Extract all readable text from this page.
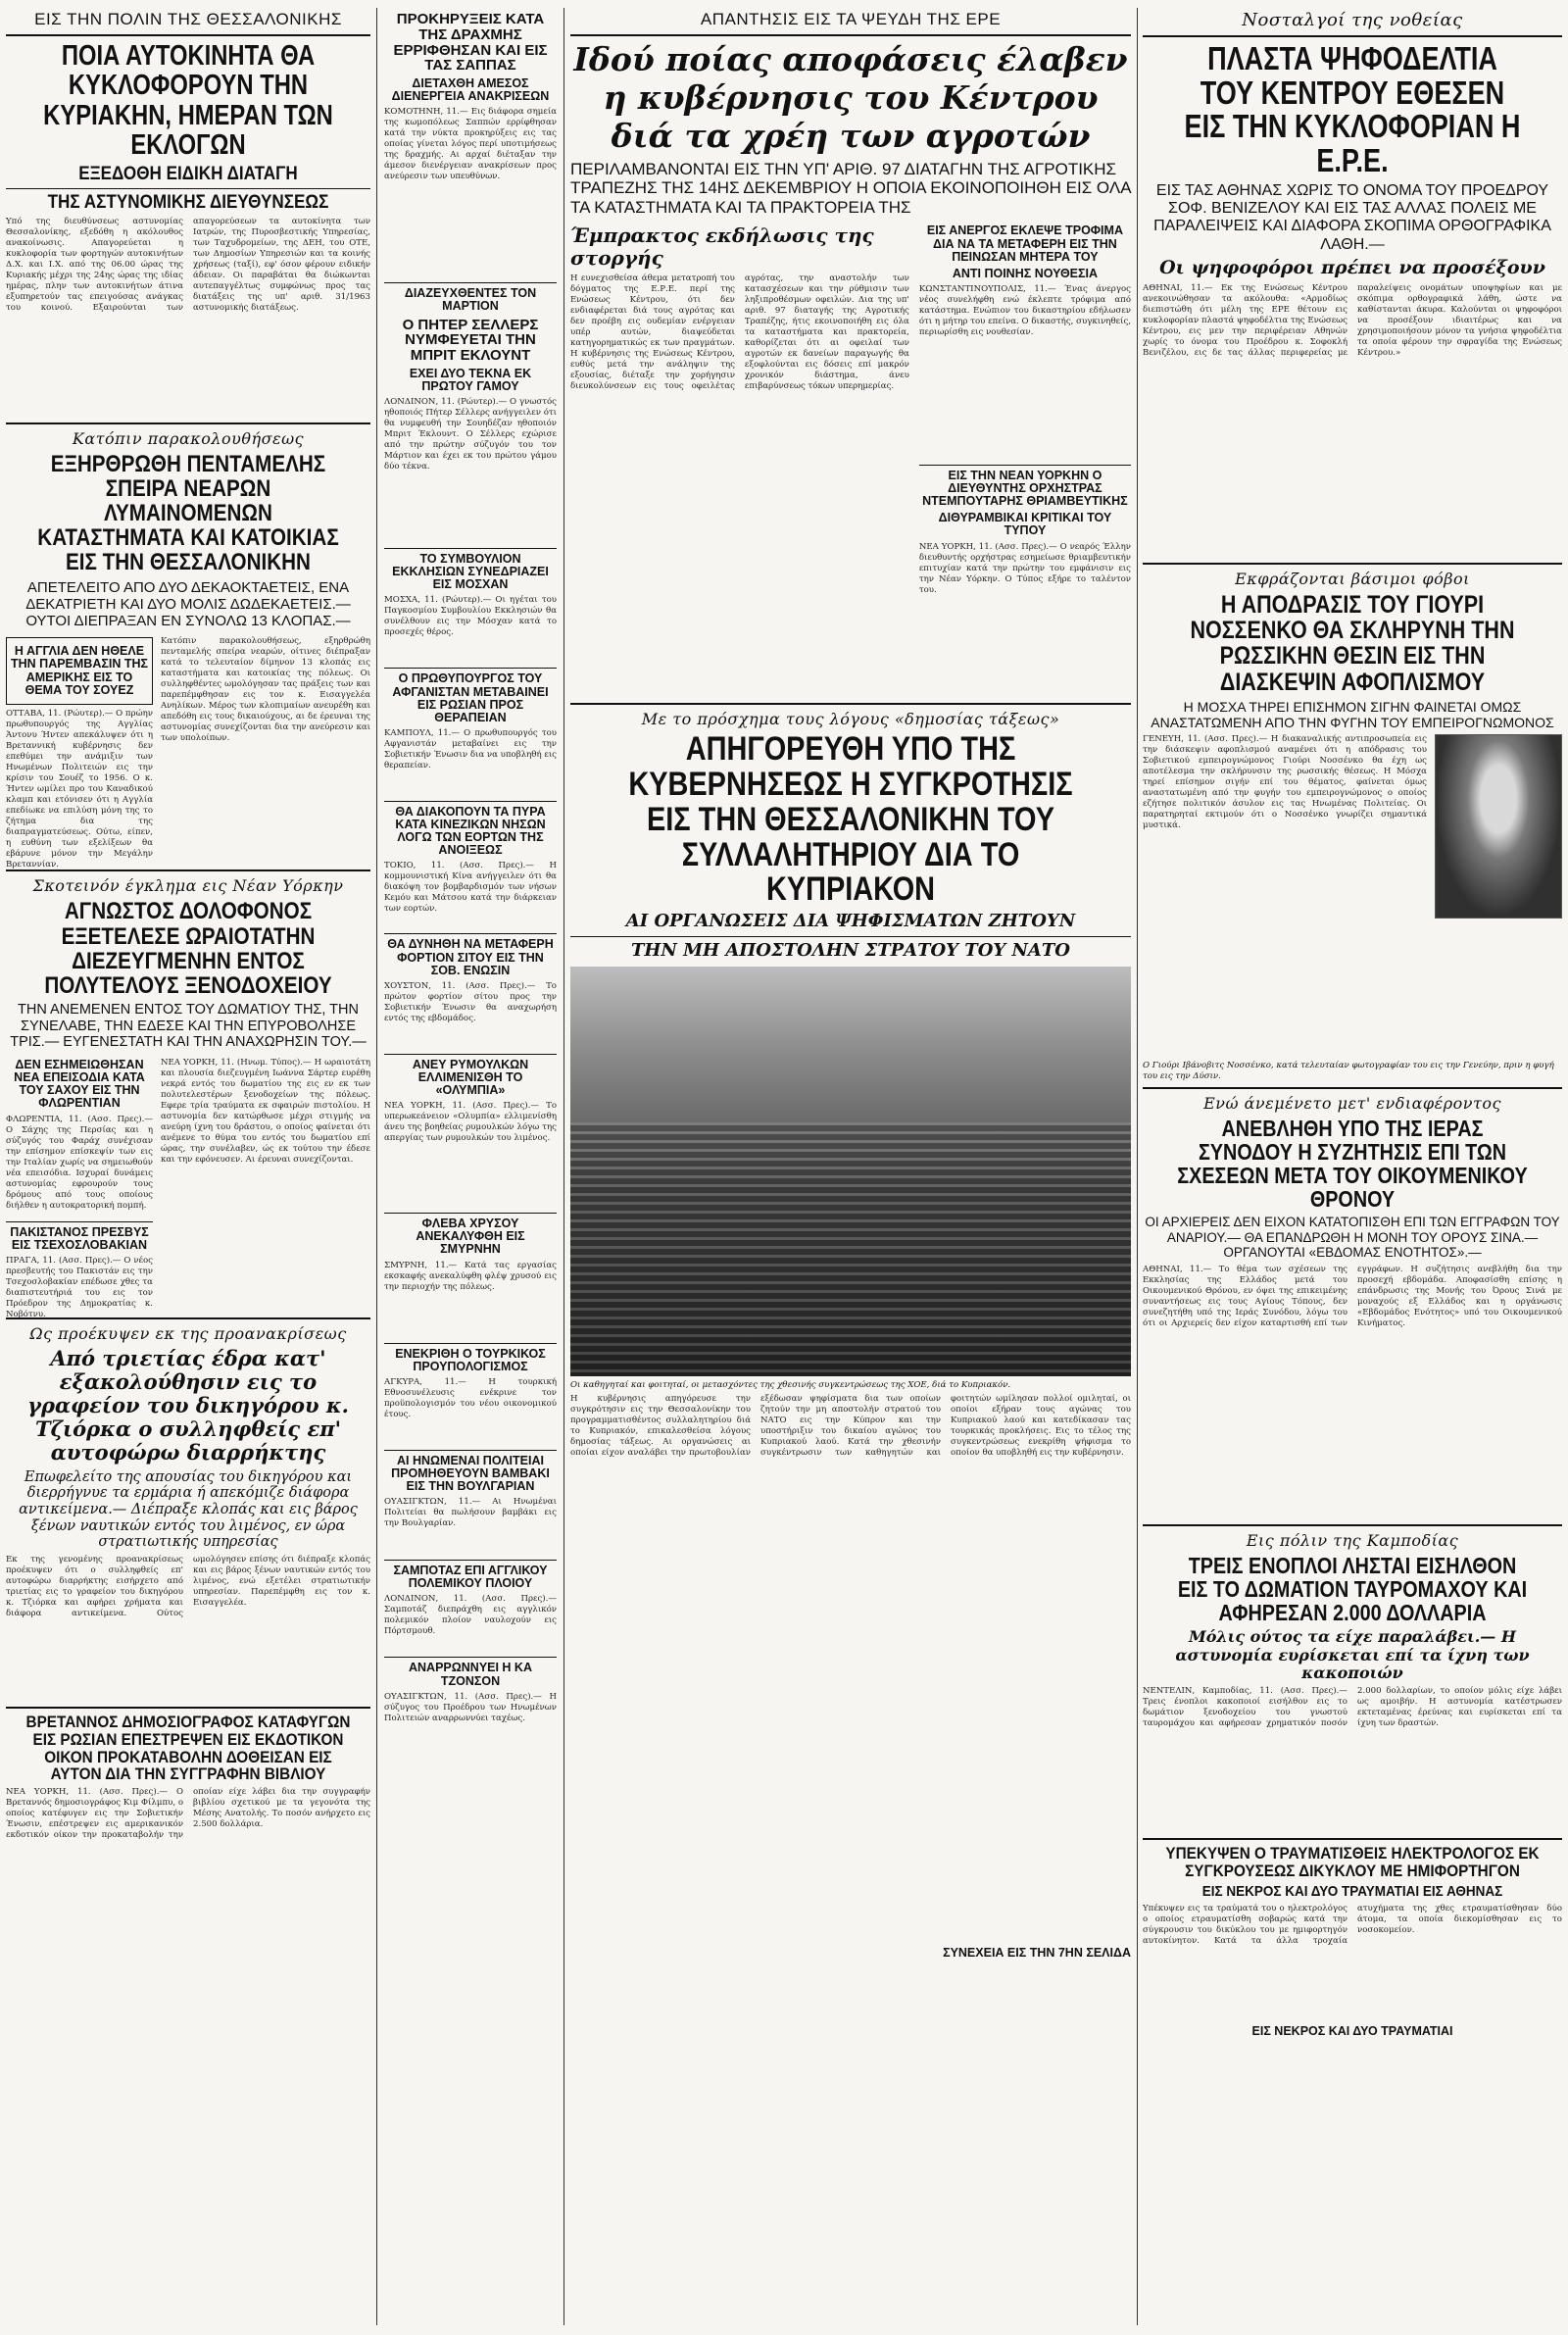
ΕΙΣ ΤΗΝ ΠΟΛΙΝ ΤΗΣ ΘΕΣΣΑΛΟΝΙΚΗΣ
ΠΟΙΑ ΑΥΤΟΚΙΝΗΤΑ ΘΑ ΚΥΚΛΟΦΟΡΟΥΝ ΤΗΝ ΚΥΡΙΑΚΗΝ, ΗΜΕΡΑΝ ΤΩΝ ΕΚΛΟΓΩΝ
ΕΞΕΔΟΘΗ ΕΙΔΙΚΗ ΔΙΑΤΑΓΗ
ΤΗΣ ΑΣΤΥΝΟΜΙΚΗΣ ΔΙΕΥΘΥΝΣΕΩΣ
Υπό της διευθύνσεως αστυνομίας Θεσσαλονίκης, εξεδόθη η ακόλουθος ανακοίνωσις. Απαγορεύεται η κυκλοφορία των φορτηγών αυτοκινήτων Δ.Χ. και Ι.Χ. από της 06.00 ώρας της Κυριακής μέχρι της 24ης ώρας της ιδίας ημέρας, πλην των αυτοκινήτων άτινα εξυπηρετούν τας επειγούσας ανάγκας του κοινού. Εξαιρούνται των απαγορεύσεων τα αυτοκίνητα των Ιατρών, της Πυροσβεστικής Υπηρεσίας, των Ταχυδρομείων, της ΔΕΗ, του ΟΤΕ, των Δημοσίων Υπηρεσιών και τα κοινής χρήσεως (ταξί), εφ' όσον φέρουν ειδικήν άδειαν. Οι παραβάται θα διώκωνται αυτεπαγγέλτως συμφώνως προς τας διατάξεις της υπ' αριθ. 31/1963 αστυνομικής διατάξεως.
Κατόπιν παρακολουθήσεως
ΕΞΗΡΘΡΩΘΗ ΠΕΝΤΑΜΕΛΗΣ ΣΠΕΙΡΑ ΝΕΑΡΩΝ ΛΥΜΑΙΝΟΜΕΝΩΝ ΚΑΤΑΣΤΗΜΑΤΑ ΚΑΙ ΚΑΤΟΙΚΙΑΣ ΕΙΣ ΤΗΝ ΘΕΣΣΑΛΟΝΙΚΗΝ
ΑΠΕΤΕΛΕΙΤΟ ΑΠΟ ΔΥΟ ΔΕΚΑΟΚΤΑΕΤΕΙΣ, ΕΝΑ ΔΕΚΑΤΡΙΕΤΗ ΚΑΙ ΔΥΟ ΜΟΛΙΣ ΔΩΔΕΚΑΕΤΕΙΣ.— ΟΥΤΟΙ ΔΙΕΠΡΑΞΑΝ ΕΝ ΣΥΝΟΛΩ 13 ΚΛΟΠΑΣ.—
Η ΑΓΓΛΙΑ ΔΕΝ ΗΘΕΛΕ ΤΗΝ ΠΑΡΕΜΒΑΣΙΝ ΤΗΣ ΑΜΕΡΙΚΗΣ ΕΙΣ ΤΟ ΘΕΜΑ ΤΟΥ ΣΟΥΕΖ
ΟΤΤΑΒΑ, 11. (Ρώυτερ).— Ο πρώην πρωθυπουργός της Αγγλίας Άντονυ Ήντεν απεκάλυψεν ότι η Βρεταννική κυβέρνησις δεν επεθύμει την ανάμιξιν των Ηνωμένων Πολιτειών εις την κρίσιν του Σουέζ το 1956. Ο κ. Ήντεν ωμίλει προ του Καναδικού κλαμπ και ετόνισεν ότι η Αγγλία επεδίωκε να επιλύση μόνη της το ζήτημα δια της διαπραγματεύσεως. Ούτω, είπεν, η ευθύνη των εξελίξεων θα εβάρυνε μόνον την Μεγάλην Βρεταννίαν.
Κατόπιν παρακολουθήσεως, εξηρθρώθη πενταμελής σπείρα νεαρών, οίτινες διέπραξαν κατά το τελευταίον δίμηνον 13 κλοπάς εις καταστήματα και κατοικίας της πόλεως. Οι συλληφθέντες ωμολόγησαν τας πράξεις των και παρεπέμφθησαν εις τον κ. Εισαγγελέα Ανηλίκων. Μέρος των κλοπιμαίων ανευρέθη και απεδόθη εις τους δικαιούχους, αι δε έρευναι της αστυνομίας συνεχίζονται δια την ανεύρεσιν και των υπολοίπων.
Σκοτεινόν έγκλημα εις Νέαν Υόρκην
ΑΓΝΩΣΤΟΣ ΔΟΛΟΦΟΝΟΣ ΕΞΕΤΕΛΕΣΕ ΩΡΑΙΟΤΑΤΗΝ ΔΙΕΖΕΥΓΜΕΝΗΝ ΕΝΤΟΣ ΠΟΛΥΤΕΛΟΥΣ ΞΕΝΟΔΟΧΕΙΟΥ
ΤΗΝ ΑΝΕΜΕΝΕΝ ΕΝΤΟΣ ΤΟΥ ΔΩΜΑΤΙΟΥ ΤΗΣ, ΤΗΝ ΣΥΝΕΛΑΒΕ, ΤΗΝ ΕΔΕΣΕ ΚΑΙ ΤΗΝ ΕΠΥΡΟΒΟΛΗΣΕ ΤΡΙΣ.— ΕΥΓΕΝΕΣΤΑΤΗ ΚΑΙ ΤΗΝ ΑΝΑΧΩΡΗΣΙΝ ΤΟΥ.—
ΔΕΝ ΕΣΗΜΕΙΩΘΗΣΑΝ ΝΕΑ ΕΠΕΙΣΟΔΙΑ ΚΑΤΑ ΤΟΥ ΣΑΧΟΥ ΕΙΣ ΤΗΝ ΦΛΩΡΕΝΤΙΑΝ
ΦΛΩΡΕΝΤΙΑ, 11. (Ασσ. Πρες).— Ο Σάχης της Περσίας και η σύζυγός του Φαράχ συνέχισαν την επίσημον επίσκεψίν των εις την Ιταλίαν χωρίς να σημειωθούν νέα επεισόδια. Ισχυραί δυνάμεις αστυνομίας εφρουρούν τους δρόμους από τους οποίους διήλθεν η αυτοκρατορική πομπή.
ΠΑΚΙΣΤΑΝΟΣ ΠΡΕΣΒΥΣ ΕΙΣ ΤΣΕΧΟΣΛΟΒΑΚΙΑΝ
ΠΡΑΓΑ, 11. (Ασσ. Πρες).— Ο νέος πρεσβευτής του Πακιστάν εις την Τσεχοσλοβακίαν επέδωσε χθες τα διαπιστευτήριά του εις τον Πρόεδρον της Δημοκρατίας κ. Νοβότνυ.
ΝΕΑ ΥΟΡΚΗ, 11. (Ηνωμ. Τύπος).— Η ωραιοτάτη και πλουσία διεζευγμένη Ιωάννα Σάρτερ ευρέθη νεκρά εντός του δωματίου της εις εν εκ των πολυτελεστέρων ξενοδοχείων της πόλεως. Εφερε τρία τραύματα εκ σφαιρών πιστολίου. Η αστυνομία δεν κατώρθωσε μέχρι στιγμής να ανεύρη ίχνη του δράστου, ο οποίος φαίνεται ότι ανέμενε το θύμα του εντός του δωματίου επί ώρας, την συνέλαβεν, ώς εκ τούτου την έδεσε και την εφόνευσεν. Αι έρευναι συνεχίζονται.
Ως προέκυψεν εκ της προανακρίσεως
Από τριετίας έδρα κατ' εξακολούθησιν εις το γραφείον του δικηγόρου κ. Τζιόρκα ο συλληφθείς επ' αυτοφώρω διαρρήκτης
Επωφελείτο της απουσίας του δικηγόρου και διερρήγνυε τα ερμάρια ή απεκόμιζε διάφορα αντικείμενα.— Διέπραξε κλοπάς και εις βάρος ξένων ναυτικών εντός του λιμένος, εν ώρα στρατιωτικής υπηρεσίας
Εκ της γενομένης προανακρίσεως προέκυψεν ότι ο συλληφθείς επ' αυτοφώρω διαρρήκτης εισήρχετο από τριετίας εις το γραφείον του δικηγόρου κ. Τζιόρκα και αφήρει χρήματα και διάφορα αντικείμενα. Ούτος ωμολόγησεν επίσης ότι διέπραξε κλοπάς και εις βάρος ξένων ναυτικών εντός του λιμένος, ενώ εξετέλει στρατιωτικήν υπηρεσίαν. Παρεπέμφθη εις τον κ. Εισαγγελέα.
ΒΡΕΤΑΝΝΟΣ ΔΗΜΟΣΙΟΓΡΑΦΟΣ ΚΑΤΑΦΥΓΩΝ ΕΙΣ ΡΩΣΙΑΝ ΕΠΕΣΤΡΕΨΕΝ ΕΙΣ ΕΚΔΟΤΙΚΟΝ ΟΙΚΟΝ ΠΡΟΚΑΤΑΒΟΛΗΝ ΔΟΘΕΙΣΑΝ ΕΙΣ ΑΥΤΟΝ ΔΙΑ ΤΗΝ ΣΥΓΓΡΑΦΗΝ ΒΙΒΛΙΟΥ
ΝΕΑ ΥΟΡΚΗ, 11. (Ασσ. Πρες).— Ο Βρεταννός δημοσιογράφος Κιμ Φίλμπυ, ο οποίος κατέφυγεν εις την Σοβιετικήν Ένωσιν, επέστρεψεν εις αμερικανικόν εκδοτικόν οίκον την προκαταβολήν την οποίαν είχε λάβει δια την συγγραφήν βιβλίου σχετικού με τα γεγονότα της Μέσης Ανατολής. Το ποσόν ανήρχετο εις 2.500 δολλάρια.
ΠΡΟΚΗΡΥΞΕΙΣ ΚΑΤΑ ΤΗΣ ΔΡΑΧΜΗΣ ΕΡΡΙΦΘΗΣΑΝ ΚΑΙ ΕΙΣ ΤΑΣ ΣΑΠΠΑΣ
ΔΙΕΤΑΧΘΗ ΑΜΕΣΟΣ ΔΙΕΝΕΡΓΕΙΑ ΑΝΑΚΡΙΣΕΩΝ
ΚΟΜΟΤΗΝΗ, 11.— Εις διάφορα σημεία της κωμοπόλεως Σαππών ερρίφθησαν κατά την νύκτα προκηρύξεις εις τας οποίας γίνεται λόγος περί υποτιμήσεως της δραχμής. Αι αρχαί διέταξαν την άμεσον διενέργειαν ανακρίσεων προς ανεύρεσιν των υπευθύνων.
ΔΙΑΖΕΥΧΘΕΝΤΕΣ ΤΟΝ ΜΑΡΤΙΟΝ
Ο ΠΗΤΕΡ ΣΕΛΛΕΡΣ ΝΥΜΦΕΥΕΤΑΙ ΤΗΝ ΜΠΡΙΤ ΕΚΛΟΥΝΤ
ΕΧΕΙ ΔΥΟ ΤΕΚΝΑ ΕΚ ΠΡΩΤΟΥ ΓΑΜΟΥ
ΛΟΝΔΙΝΟΝ, 11. (Ρώυτερ).— Ο γνωστός ηθοποιός Πήτερ Σέλλερς ανήγγειλεν ότι θα νυμφευθή την Σουηδέζαν ηθοποιόν Μπριτ Έκλουντ. Ο Σέλλερς εχώρισε από την πρώτην σύζυγόν του τον Μάρτιον και έχει εκ του πρώτου γάμου δύο τέκνα.
ΤΟ ΣΥΜΒΟΥΛΙΟΝ ΕΚΚΛΗΣΙΩΝ ΣΥΝΕΔΡΙΑΖΕΙ ΕΙΣ ΜΟΣΧΑΝ
ΜΟΣΧΑ, 11. (Ρώυτερ).— Οι ηγέται του Παγκοσμίου Συμβουλίου Εκκλησιών θα συνέλθουν εις την Μόσχαν κατά το προσεχές θέρος.
Ο ΠΡΩΘΥΠΟΥΡΓΟΣ ΤΟΥ ΑΦΓΑΝΙΣΤΑΝ ΜΕΤΑΒΑΙΝΕΙ ΕΙΣ ΡΩΣΙΑΝ ΠΡΟΣ ΘΕΡΑΠΕΙΑΝ
ΚΑΜΠΟΥΛ, 11.— Ο πρωθυπουργός του Αφγανιστάν μεταβαίνει εις την Σοβιετικήν Ένωσιν δια να υποβληθή εις θεραπείαν.
ΘΑ ΔΙΑΚΟΠΟΥΝ ΤΑ ΠΥΡΑ ΚΑΤΑ ΚΙΝΕΖΙΚΩΝ ΝΗΣΩΝ ΛΟΓΩ ΤΩΝ ΕΟΡΤΩΝ ΤΗΣ ΑΝΟΙΞΕΩΣ
ΤΟΚΙΟ, 11. (Ασσ. Πρες).— Η κομμουνιστική Κίνα ανήγγειλεν ότι θα διακόψη τον βομβαρδισμόν των νήσων Κεμόυ και Μάτσου κατά την διάρκειαν των εορτών.
ΘΑ ΔΥΝΗΘΗ ΝΑ ΜΕΤΑΦΕΡΗ ΦΟΡΤΙΟΝ ΣΙΤΟΥ ΕΙΣ ΤΗΝ ΣΟΒ. ΕΝΩΣΙΝ
ΧΟΥΣΤΟΝ, 11. (Ασσ. Πρες).— Το πρώτον φορτίον σίτου προς την Σοβιετικήν Ένωσιν θα αναχωρήση εντός της εβδομάδος.
ΑΝΕΥ ΡΥΜΟΥΛΚΩΝ ΕΛΛΙΜΕΝΙΣΘΗ ΤΟ «ΟΛΥΜΠΙΑ»
ΝΕΑ ΥΟΡΚΗ, 11. (Ασσ. Πρες).— Το υπερωκεάνειον «Ολυμπία» ελλιμενίσθη άνευ της βοηθείας ρυμουλκών λόγω της απεργίας των ρυμουλκών του λιμένος.
ΦΛΕΒΑ ΧΡΥΣΟΥ ΑΝΕΚΑΛΥΦΘΗ ΕΙΣ ΣΜΥΡΝΗΝ
ΣΜΥΡΝΗ, 11.— Κατά τας εργασίας εκσκαφής ανεκαλύφθη φλέψ χρυσού εις την περιοχήν της πόλεως.
ΕΝΕΚΡΙΘΗ Ο ΤΟΥΡΚΙΚΟΣ ΠΡΟΥΠΟΛΟΓΙΣΜΟΣ
ΑΓΚΥΡΑ, 11.— Η τουρκική Εθνοσυνέλευσις ενέκρινε τον προϋπολογισμόν του νέου οικονομικού έτους.
ΑΙ ΗΝΩΜΕΝΑΙ ΠΟΛΙΤΕΙΑΙ ΠΡΟΜΗΘΕΥΟΥΝ ΒΑΜΒΑΚΙ ΕΙΣ ΤΗΝ ΒΟΥΛΓΑΡΙΑΝ
ΟΥΑΣΙΓΚΤΩΝ, 11.— Αι Ηνωμέναι Πολιτείαι θα πωλήσουν βαμβάκι εις την Βουλγαρίαν.
ΣΑΜΠΟΤΑΖ ΕΠΙ ΑΓΓΛΙΚΟΥ ΠΟΛΕΜΙΚΟΥ ΠΛΟΙΟΥ
ΛΟΝΔΙΝΟΝ, 11. (Ασσ. Πρες).— Σαμποτάζ διεπράχθη εις αγγλικόν πολεμικόν πλοίον ναυλοχούν εις Πόρτσμουθ.
ΑΝΑΡΡΩΝΝΥΕΙ Η ΚΑ ΤΖΟΝΣΟΝ
ΟΥΑΣΙΓΚΤΩΝ, 11. (Ασσ. Πρες).— Η σύζυγος του Προέδρου των Ηνωμένων Πολιτειών αναρρωννύει ταχέως.
ΑΠΑΝΤΗΣΙΣ ΕΙΣ ΤΑ ΨΕΥΔΗ ΤΗΣ ΕΡΕ
Ιδού ποίας αποφάσεις έλαβεν η κυβέρνησις του Κέντρου διά τα χρέη των αγροτών
ΠΕΡΙΛΑΜΒΑΝΟΝΤΑΙ ΕΙΣ ΤΗΝ ΥΠ' ΑΡΙΘ. 97 ΔΙΑΤΑΓΗΝ ΤΗΣ ΑΓΡΟΤΙΚΗΣ ΤΡΑΠΕΖΗΣ ΤΗΣ 14ΗΣ ΔΕΚΕΜΒΡΙΟΥ Η ΟΠΟΙΑ ΕΚΟΙΝΟΠΟΙΗΘΗ ΕΙΣ ΟΛΑ ΤΑ ΚΑΤΑΣΤΗΜΑΤΑ ΚΑΙ ΤΑ ΠΡΑΚΤΟΡΕΙΑ ΤΗΣ
Έμπρακτος εκδήλωσις της στοργής
Η ευνεχισθείσα άθεμα μετατροπή του δόγματος της Ε.Ρ.Ε. περί της Ενώσεως Κέντρου, ότι δεν ενδιαφέρεται διά τους αγρότας και δεν προέβη εις ουδεμίαν ενέργειαν υπέρ αυτών, διαψεύδεται κατηγορηματικώς εκ των πραγμάτων. Η κυβέρνησις της Ενώσεως Κέντρου, ευθύς μετά την ανάληψιν της εξουσίας, διέταξε την χορήγησιν διευκολύνσεων εις τους οφειλέτας αγρότας, την αναστολήν των κατασχέσεων και την ρύθμισιν των ληξιπροθέσμων οφειλών. Δια της υπ' αριθ. 97 διαταγής της Αγροτικής Τραπέζης, ήτις εκοινοποιήθη εις όλα τα καταστήματα και πρακτορεία, καθορίζεται ότι αι οφειλαί των αγροτών εκ δανείων παραγωγής θα εξοφλούνται εις δόσεις επί μακρόν χρονικόν διάστημα, άνευ επιβαρύνσεως τόκων υπερημερίας.
ΕΙΣ ΑΝΕΡΓΟΣ ΕΚΛΕΨΕ ΤΡΟΦΙΜΑ ΔΙΑ ΝΑ ΤΑ ΜΕΤΑΦΕΡΗ ΕΙΣ ΤΗΝ ΠΕΙΝΩΣΑΝ ΜΗΤΕΡΑ ΤΟΥ
ΑΝΤΙ ΠΟΙΝΗΣ ΝΟΥΘΕΣΙΑ
ΚΩΝΣΤΑΝΤΙΝΟΥΠΟΛΙΣ, 11.— Ένας άνεργος νέος συνελήφθη ενώ έκλεπτε τρόφιμα από κατάστημα. Ενώπιον του δικαστηρίου εδήλωσεν ότι η μήτηρ του επείνα. Ο δικαστής, συγκινηθείς, περιωρίσθη εις νουθεσίαν.
ΕΙΣ ΤΗΝ ΝΕΑΝ ΥΟΡΚΗΝ Ο ΔΙΕΥΘΥΝΤΗΣ ΟΡΧΗΣΤΡΑΣ ΝΤΕΜΠΟΥΤΑΡΗΣ ΘΡΙΑΜΒΕΥΤΙΚΗΣ
ΔΙΘΥΡΑΜΒΙΚΑΙ ΚΡΙΤΙΚΑΙ ΤΟΥ ΤΥΠΟΥ
ΝΕΑ ΥΟΡΚΗ, 11. (Ασσ. Πρες).— Ο νεαρός Έλλην διευθυντής ορχήστρας εσημείωσε θριαμβευτικήν επιτυχίαν κατά την πρώτην του εμφάνισιν εις την Νέαν Υόρκην. Ο Τύπος εξήρε το ταλέντον του.
Με το πρόσχημα τους λόγους «δημοσίας τάξεως»
ΑΠΗΓΟΡΕΥΘΗ ΥΠΟ ΤΗΣ ΚΥΒΕΡΝΗΣΕΩΣ Η ΣΥΓΚΡΟΤΗΣΙΣ ΕΙΣ ΤΗΝ ΘΕΣΣΑΛΟΝΙΚΗΝ ΤΟΥ ΣΥΛΛΑΛΗΤΗΡΙΟΥ ΔΙΑ ΤΟ ΚΥΠΡΙΑΚΟΝ
ΑΙ ΟΡΓΑΝΩΣΕΙΣ ΔΙΑ ΨΗΦΙΣΜΑΤΩΝ ΖΗΤΟΥΝ
ΤΗΝ ΜΗ ΑΠΟΣΤΟΛΗΝ ΣΤΡΑΤΟΥ ΤΟΥ ΝΑΤΟ
Οι καθηγηταί και φοιτηταί, οι μετασχόντες της χθεσινής συγκεντρώσεως της ΧΟΕ, διά το Κυπριακόν.
Η κυβέρνησις απηγόρευσε την συγκρότησιν εις την Θεσσαλονίκην του προγραμματισθέντος συλλαλητηρίου διά το Κυπριακόν, επικαλεσθείσα λόγους δημοσίας τάξεως. Αι οργανώσεις αι οποίαι είχον αναλάβει την πρωτοβουλίαν εξέδωσαν ψηφίσματα δια των οποίων ζητούν την μη αποστολήν στρατού του ΝΑΤΟ εις την Κύπρον και την υποστήριξιν του δικαίου αγώνος του Κυπριακού λαού. Κατά την χθεσινήν συγκέντρωσιν των καθηγητών και φοιτητών ωμίλησαν πολλοί ομιληταί, οι οποίοι εξήραν τους αγώνας του Κυπριακού λαού και κατεδίκασαν τας τουρκικάς προκλήσεις. Εις το τέλος της συγκεντρώσεως ενεκρίθη ψήφισμα το οποίον θα υποβληθή εις την κυβέρνησιν.
ΣΥΝΕΧΕΙΑ ΕΙΣ ΤΗΝ 7ΗΝ ΣΕΛΙΔΑ
Νοσταλγοί της νοθείας
ΠΛΑΣΤΑ ΨΗΦΟΔΕΛΤΙΑ ΤΟΥ ΚΕΝΤΡΟΥ ΕΘΕΣΕΝ ΕΙΣ ΤΗΝ ΚΥΚΛΟΦΟΡΙΑΝ Η Ε.Ρ.Ε.
ΕΙΣ ΤΑΣ ΑΘΗΝΑΣ ΧΩΡΙΣ ΤΟ ΟΝΟΜΑ ΤΟΥ ΠΡΟΕΔΡΟΥ ΣΟΦ. ΒΕΝΙΖΕΛΟΥ ΚΑΙ ΕΙΣ ΤΑΣ ΑΛΛΑΣ ΠΟΛΕΙΣ ΜΕ ΠΑΡΑΛΕΙΨΕΙΣ ΚΑΙ ΔΙΑΦΟΡΑ ΣΚΟΠΙΜΑ ΟΡΘΟΓΡΑΦΙΚΑ ΛΑΘΗ.—
Οι ψηφοφόροι πρέπει να προσέξουν
ΑΘΗΝΑΙ, 11.— Εκ της Ενώσεως Κέντρου ανεκοινώθησαν τα ακόλουθα: «Αρμοδίως διεπιστώθη ότι μέλη της ΕΡΕ θέτουν εις κυκλοφορίαν πλαστά ψηφοδέλτια της Ενώσεως Κέντρου, εις μεν την περιφέρειαν Αθηνών χωρίς το όνομα του Προέδρου κ. Σοφοκλή Βενιζέλου, εις δε τας άλλας περιφερείας με παραλείψεις ονομάτων υποψηφίων και με σκόπιμα ορθογραφικά λάθη, ώστε να καθίστανται άκυρα. Καλούνται οι ψηφοφόροι να προσέξουν ιδιαιτέρως και να χρησιμοποιήσουν μόνον τα γνήσια ψηφοδέλτια τα οποία φέρουν την σφραγίδα της Ενώσεως Κέντρου.»
Εκφράζονται βάσιμοι φόβοι
Η ΑΠΟΔΡΑΣΙΣ ΤΟΥ ΓΙΟΥΡΙ ΝΟΣΣΕΝΚΟ ΘΑ ΣΚΛΗΡΥΝΗ ΤΗΝ ΡΩΣΣΙΚΗΝ ΘΕΣΙΝ ΕΙΣ ΤΗΝ ΔΙΑΣΚΕΨΙΝ ΑΦΟΠΛΙΣΜΟΥ
Η ΜΟΣΧΑ ΤΗΡΕΙ ΕΠΙΣΗΜΟΝ ΣΙΓΗΝ ΦΑΙΝΕΤΑΙ ΟΜΩΣ ΑΝΑΣΤΑΤΩΜΕΝΗ ΑΠΟ ΤΗΝ ΦΥΓΗΝ ΤΟΥ ΕΜΠΕΙΡΟΓΝΩΜΟΝΟΣ
ΓΕΝΕΥΗ, 11. (Ασσ. Πρες).— Η διακαναλικής αντιπροσωπεία εις την διάσκεψιν αφοπλισμού αναμένει ότι η απόδρασις του Σοβιετικού εμπειρογνώμονος Γιούρι Νοσσένκο θα έχη ως αποτέλεσμα την σκλήρυνσιν της ρωσσικής θέσεως. Η Μόσχα τηρεί επίσημον σιγήν επί του θέματος, φαίνεται όμως αναστατωμένη από την φυγήν του εμπειρογνώμονος ο οποίος εζήτησε πολιτικόν άσυλον εις τας Ηνωμένας Πολιτείας. Οι παρατηρηταί εκτιμούν ότι ο Νοσσένκο γνωρίζει σημαντικά μυστικά.
Ο Γιούρι Ιβάνοβιτς Νοσσένκο, κατά τελευταίαν φωτογραφίαν του εις την Γενεύην, πριν η φυγή του εις την Δύσιν.
Ενώ άνεμένετο μετ' ενδιαφέροντος
ΑΝΕΒΛΗΘΗ ΥΠΟ ΤΗΣ ΙΕΡΑΣ ΣΥΝΟΔΟΥ Η ΣΥΖΗΤΗΣΙΣ ΕΠΙ ΤΩΝ ΣΧΕΣΕΩΝ ΜΕΤΑ ΤΟΥ ΟΙΚΟΥΜΕΝΙΚΟΥ ΘΡΟΝΟΥ
ΟΙ ΑΡΧΙΕΡΕΙΣ ΔΕΝ ΕΙΧΟΝ ΚΑΤΑΤΟΠΙΣΘΗ ΕΠΙ ΤΩΝ ΕΓΓΡΑΦΩΝ ΤΟΥ ΑΝΑΡΙΟΥ.— ΘΑ ΕΠΑΝΔΡΩΘΗ Η ΜΟΝΗ ΤΟΥ ΟΡΟΥΣ ΣΙΝΑ.— ΟΡΓΑΝΟΥΤΑΙ «ΕΒΔΟΜΑΣ ΕΝΟΤΗΤΟΣ».—
ΑΘΗΝΑΙ, 11.— Το θέμα των σχέσεων της Εκκλησίας της Ελλάδος μετά του Οικουμενικού Θρόνου, εν όψει της επικειμένης συναντήσεως εις τους Αγίους Τόπους, δεν συνεζητήθη υπό της Ιεράς Συνόδου, λόγω του ότι οι Αρχιερείς δεν είχον καταρτισθή επί των εγγράφων. Η συζήτησις ανεβλήθη δια την προσεχή εβδομάδα. Αποφασίσθη επίσης η επάνδρωσις της Μονής του Όρους Σινά με μοναχούς εξ Ελλάδος και η οργάνωσις «Εβδομάδος Ενότητος» υπό του Οικουμενικού Κινήματος.
Εις πόλιν της Καμποδίας
ΤΡΕΙΣ ΕΝΟΠΛΟΙ ΛΗΣΤΑΙ ΕΙΣΗΛΘΟΝ ΕΙΣ ΤΟ ΔΩΜΑΤΙΟΝ ΤΑΥΡΟΜΑΧΟΥ ΚΑΙ ΑΦΗΡΕΣΑΝ 2.000 ΔΟΛΛΑΡΙΑ
Μόλις ούτος τα είχε παραλάβει.— Η αστυνομία ευρίσκεται επί τα ίχνη των κακοποιών
ΝΕΝΤΕΛΙΝ, Καμποδίας, 11. (Ασσ. Πρες).— Τρεις ένοπλοι κακοποιοί εισήλθον εις το δωμάτιον ξενοδοχείου του γνωστού ταυρομάχου και αφήρεσαν χρηματικόν ποσόν 2.000 δολλαρίων, το οποίον μόλις είχε λάβει ως αμοιβήν. Η αστυνομία κατέστρωσεν εκτεταμένας έρεύνας και ευρίσκεται επί τα ίχνη των δραστών.
ΥΠΕΚΥΨΕΝ Ο ΤΡΑΥΜΑΤΙΣΘΕΙΣ ΗΛΕΚΤΡΟΛΟΓΟΣ ΕΚ ΣΥΓΚΡΟΥΣΕΩΣ ΔΙΚΥΚΛΟΥ ΜΕ ΗΜΙΦΟΡΤΗΓΟΝ
ΕΙΣ ΝΕΚΡΟΣ ΚΑΙ ΔΥΟ ΤΡΑΥΜΑΤΙΑΙ ΕΙΣ ΑΘΗΝΑΣ
Υπέκυψεν εις τα τραύματά του ο ηλεκτρολόγος ο οποίος ετραυματίσθη σοβαρώς κατά την σύγκρουσιν του δικύκλου του με ημιφορτηγόν αυτοκίνητον. Κατά τα άλλα τροχαία ατυχήματα της χθες ετραυματίσθησαν δύο άτομα, τα οποία διεκομίσθησαν εις το νοσοκομείον.
ΕΙΣ ΝΕΚΡΟΣ ΚΑΙ ΔΥΟ ΤΡΑΥΜΑΤΙΑΙ
